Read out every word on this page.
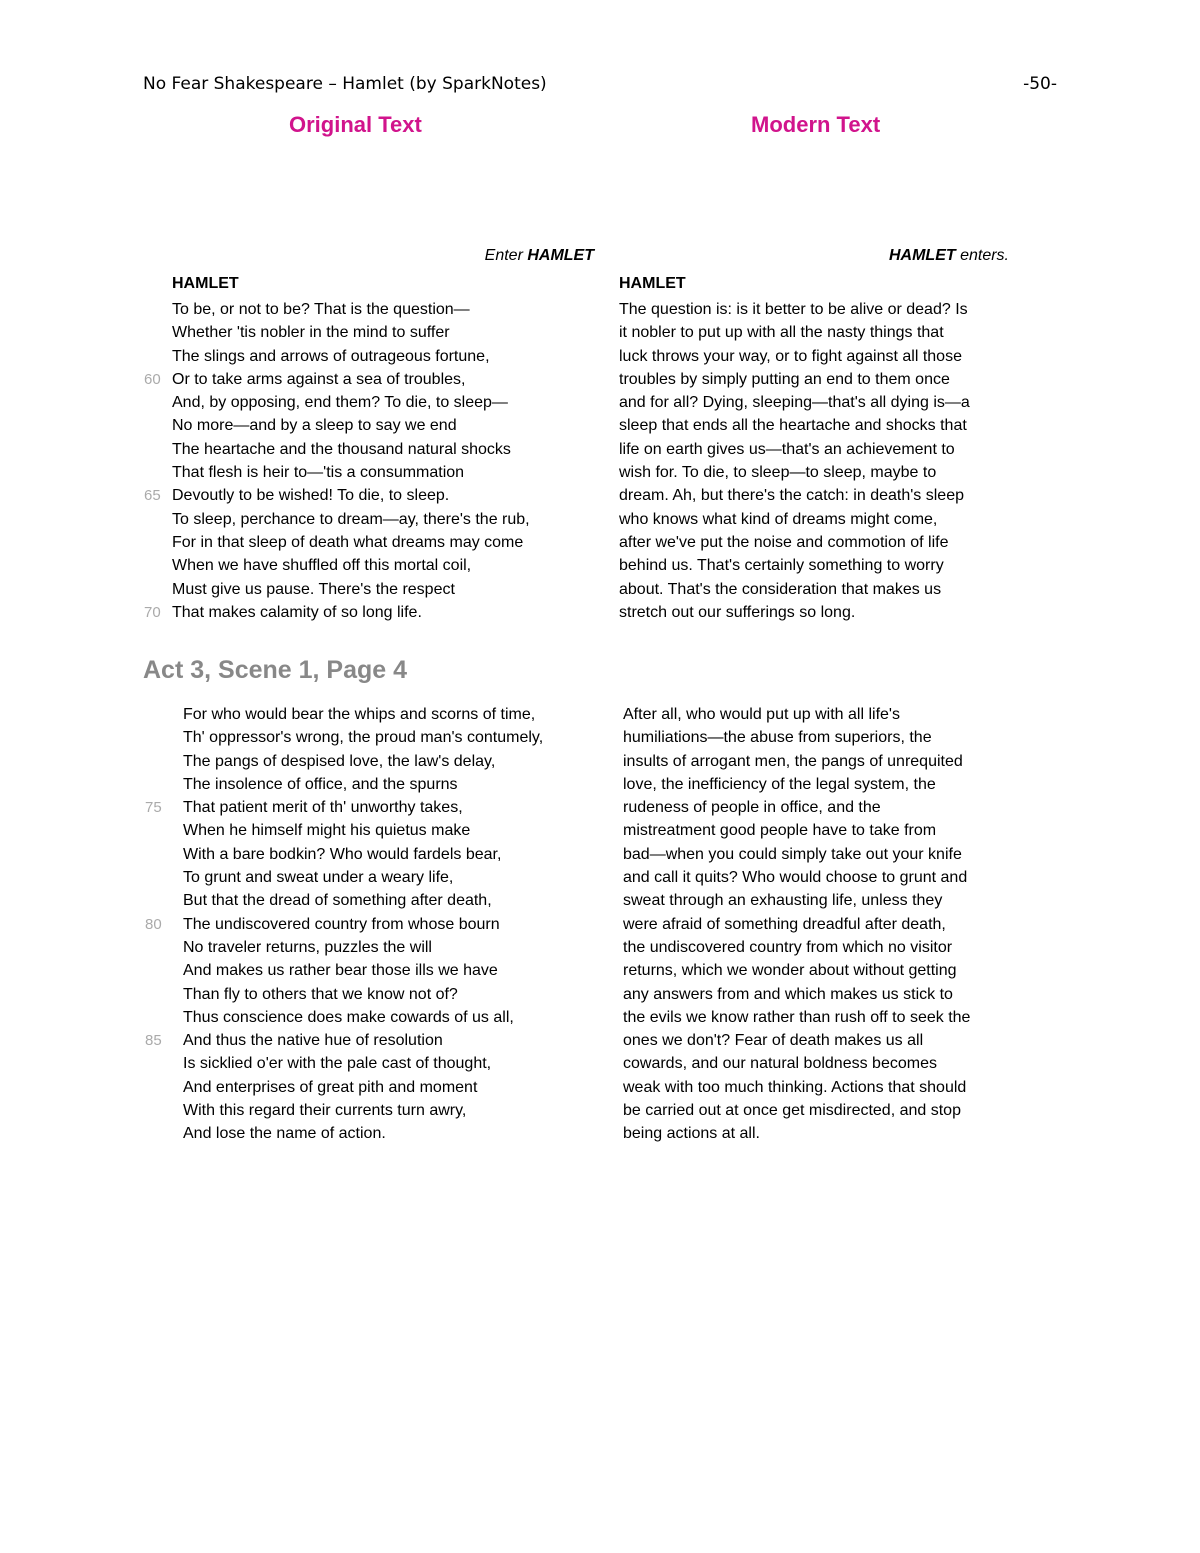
No Fear Shakespeare – Hamlet (by SparkNotes)	-50-
Original Text	Modern Text
Enter HAMLET	HAMLET enters.
HAMLET	HAMLET
To be, or not to be? That is the question—
Whether 'tis nobler in the mind to suffer
The slings and arrows of outrageous fortune,
60 Or to take arms against a sea of troubles,
And, by opposing, end them? To die, to sleep—
No more—and by a sleep to say we end
The heartache and the thousand natural shocks
That flesh is heir to—'tis a consummation
65 Devoutly to be wished! To die, to sleep.
To sleep, perchance to dream—ay, there's the rub,
For in that sleep of death what dreams may come
When we have shuffled off this mortal coil,
Must give us pause. There's the respect
70 That makes calamity of so long life.
The question is: is it better to be alive or dead? Is
it nobler to put up with all the nasty things that
luck throws your way, or to fight against all those
troubles by simply putting an end to them once
and for all? Dying, sleeping—that's all dying is—a
sleep that ends all the heartache and shocks that
life on earth gives us—that's an achievement to
wish for. To die, to sleep—to sleep, maybe to
dream. Ah, but there's the catch: in death's sleep
who knows what kind of dreams might come,
after we've put the noise and commotion of life
behind us. That's certainly something to worry
about. That's the consideration that makes us
stretch out our sufferings so long.
Act 3, Scene 1, Page 4
For who would bear the whips and scorns of time,
Th' oppressor's wrong, the proud man's contumely,
The pangs of despised love, the law's delay,
The insolence of office, and the spurns
75 That patient merit of th' unworthy takes,
When he himself might his quietus make
With a bare bodkin? Who would fardels bear,
To grunt and sweat under a weary life,
But that the dread of something after death,
80 The undiscovered country from whose bourn
No traveler returns, puzzles the will
And makes us rather bear those ills we have
Than fly to others that we know not of?
Thus conscience does make cowards of us all,
85 And thus the native hue of resolution
Is sicklied o'er with the pale cast of thought,
And enterprises of great pith and moment
With this regard their currents turn awry,
And lose the name of action.
After all, who would put up with all life's
humiliations—the abuse from superiors, the
insults of arrogant men, the pangs of unrequited
love, the inefficiency of the legal system, the
rudeness of people in office, and the
mistreatment good people have to take from
bad—when you could simply take out your knife
and call it quits? Who would choose to grunt and
sweat through an exhausting life, unless they
were afraid of something dreadful after death,
the undiscovered country from which no visitor
returns, which we wonder about without getting
any answers from and which makes us stick to
the evils we know rather than rush off to seek the
ones we don't? Fear of death makes us all
cowards, and our natural boldness becomes
weak with too much thinking. Actions that should
be carried out at once get misdirected, and stop
being actions at all.
